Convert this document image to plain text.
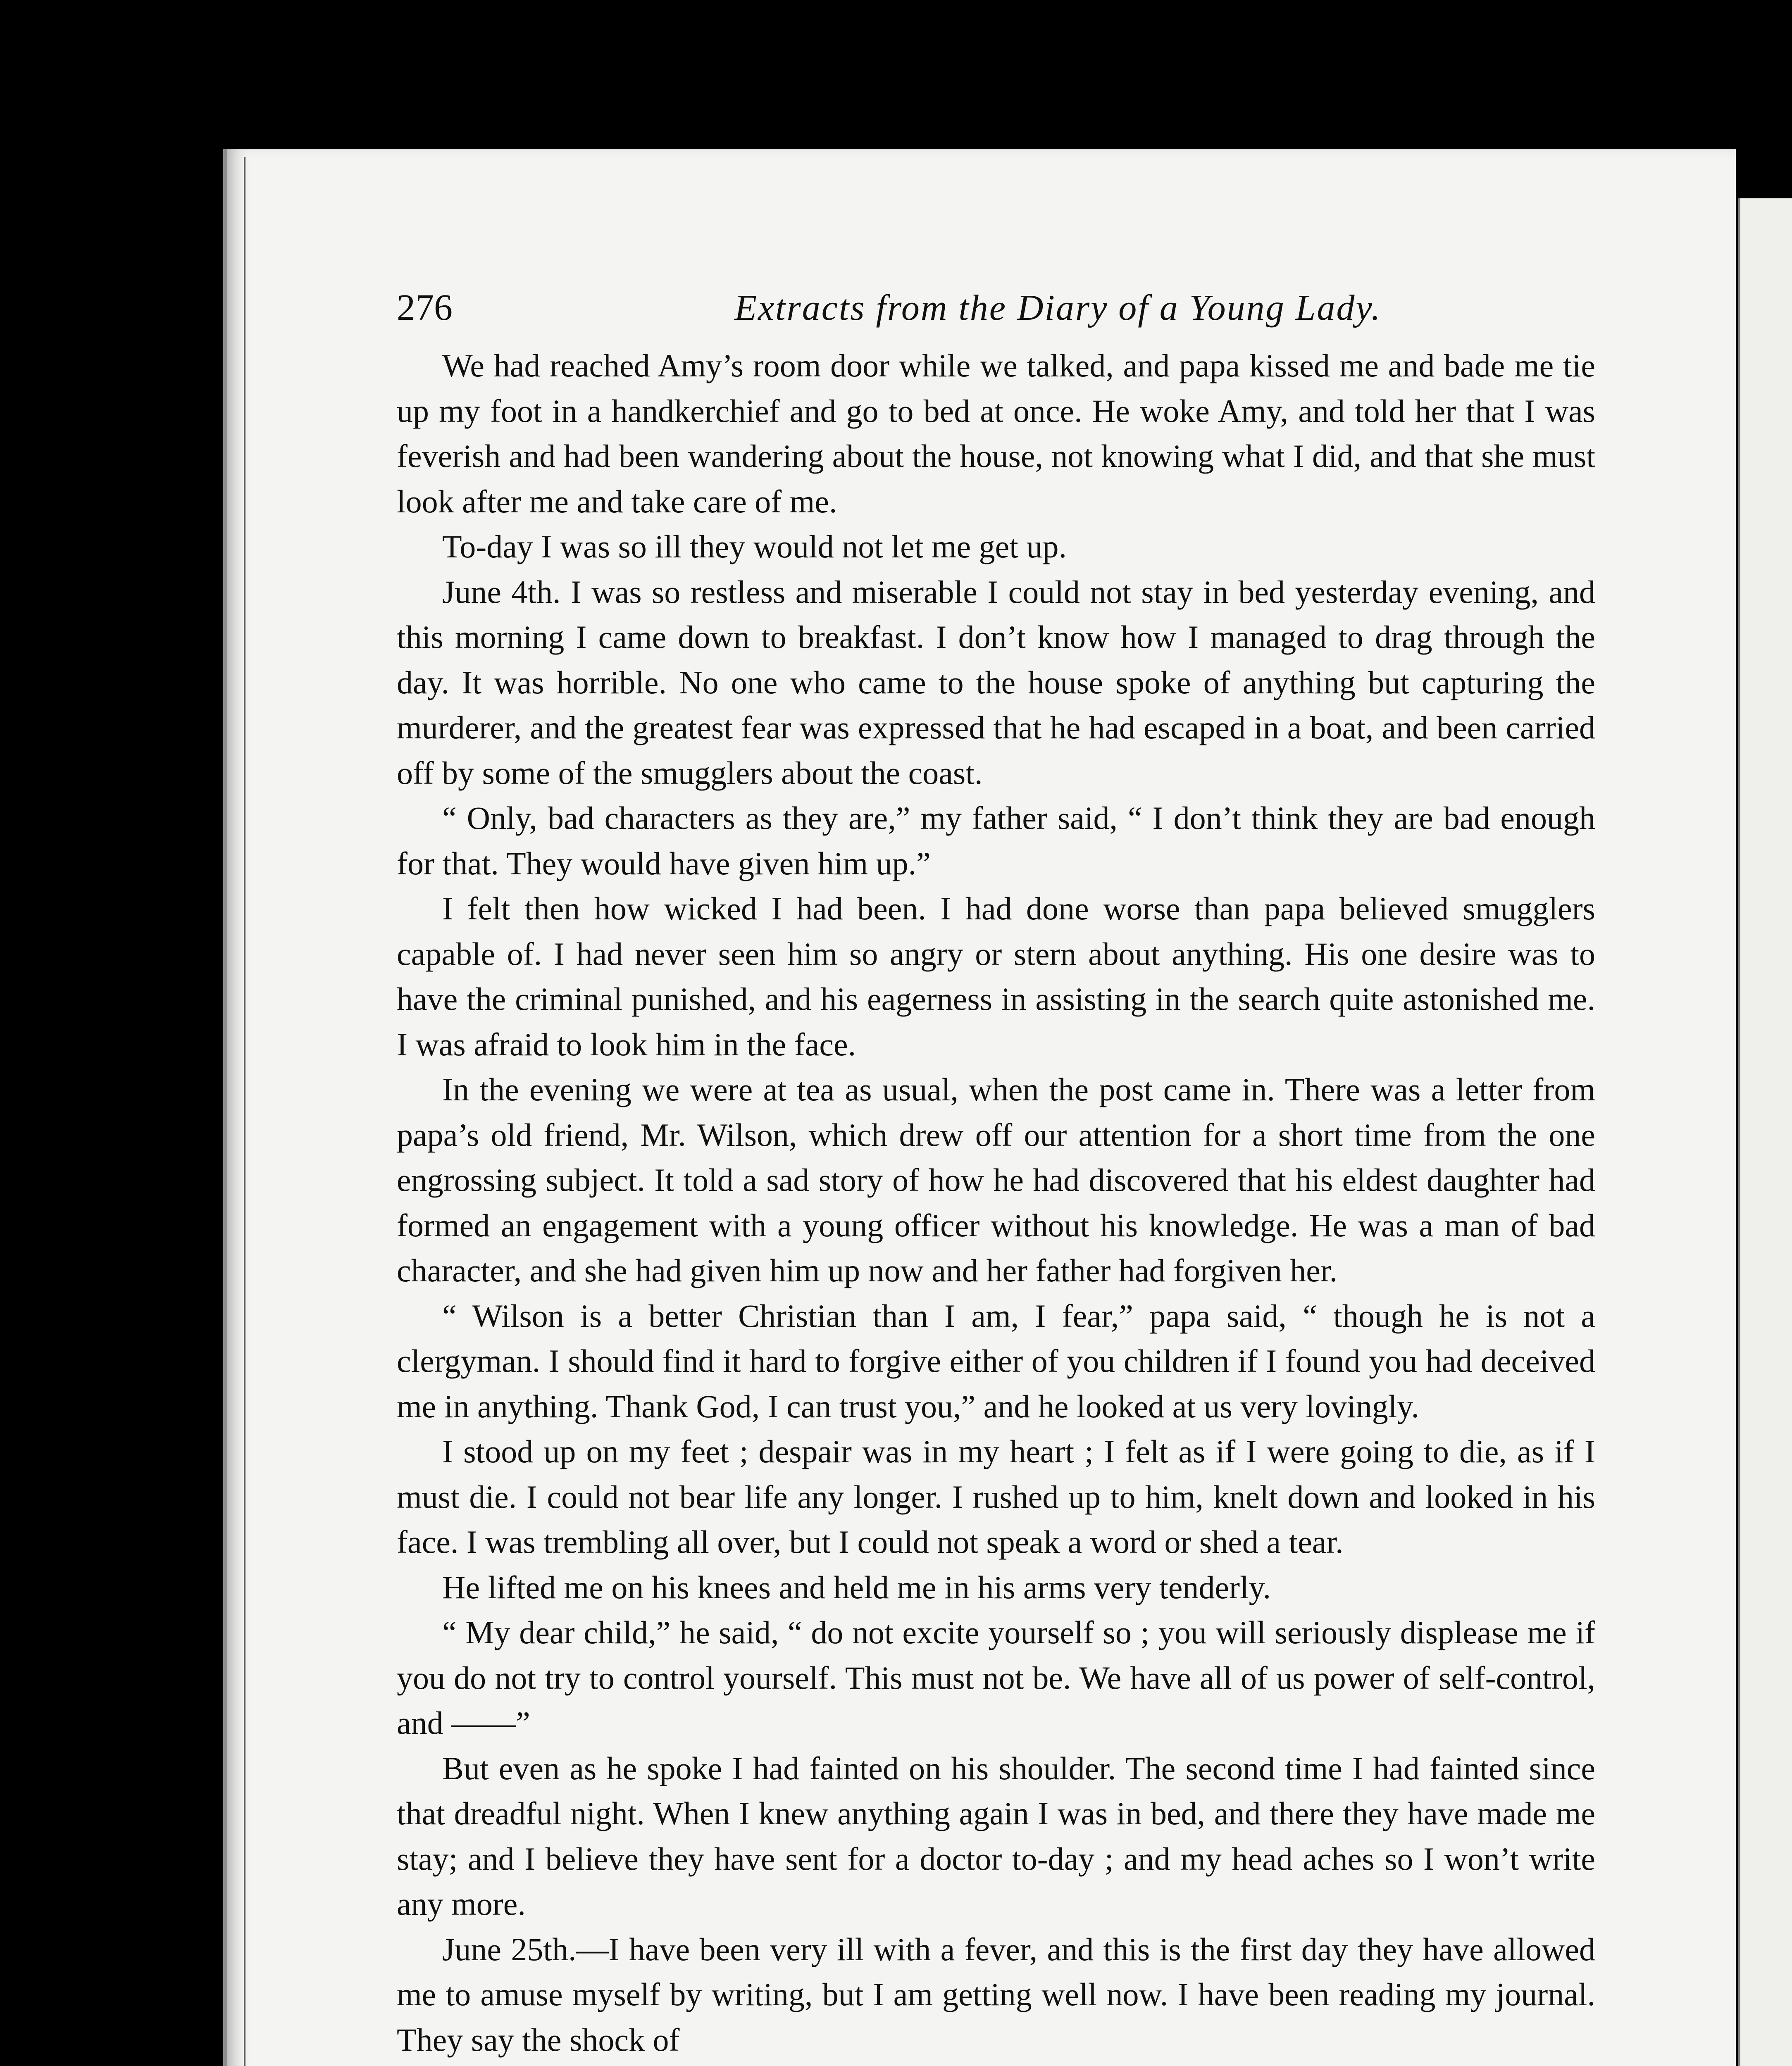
276	Extracts from the Diary of a Young Lady.

We had reached Amy’s room door while we talked, and papa kissed me and bade me tie up my foot in a handkerchief and go to bed at once. He woke Amy, and told her that I was feverish and had been wandering about the house, not knowing what I did, and that she must look after me and take care of me.

To-day I was so ill they would not let me get up.

June 4th. I was so restless and miserable I could not stay in bed yesterday evening, and this morning I came down to breakfast. I don’t know how I managed to drag through the day. It was horrible. No one who came to the house spoke of anything but capturing the murderer, and the greatest fear was expressed that he had escaped in a boat, and been carried off by some of the smugglers about the coast.

“ Only, bad characters as they are,” my father said, “ I don’t think they are bad enough for that. They would have given him up.”

I felt then how wicked I had been. I had done worse than papa believed smugglers capable of. I had never seen him so angry or stern about anything. His one desire was to have the criminal punished, and his eagerness in assisting in the search quite astonished me. I was afraid to look him in the face.

In the evening we were at tea as usual, when the post came in. There was a letter from papa’s old friend, Mr. Wilson, which drew off our attention for a short time from the one engrossing subject. It told a sad story of how he had discovered that his eldest daughter had formed an engagement with a young officer without his knowledge. He was a man of bad character, and she had given him up now and her father had forgiven her.

“ Wilson is a better Christian than I am, I fear,” papa said, “ though he is not a clergyman. I should find it hard to forgive either of you children if I found you had deceived me in anything. Thank God, I can trust you,” and he looked at us very lovingly.

I stood up on my feet ; despair was in my heart ; I felt as if I were going to die, as if I must die. I could not bear life any longer. I rushed up to him, knelt down and looked in his face. I was trembling all over, but I could not speak a word or shed a tear.

He lifted me on his knees and held me in his arms very tenderly.

“ My dear child,” he said, “ do not excite yourself so ; you will seriously displease me if you do not try to control yourself. This must not be. We have all of us power of self-control, and ——”

But even as he spoke I had fainted on his shoulder. The second time I had fainted since that dreadful night. When I knew anything again I was in bed, and there they have made me stay; and I believe they have sent for a doctor to-day ; and my head aches so I won’t write any more.

June 25th.—I have been very ill with a fever, and this is the first day they have allowed me to amuse myself by writing, but I am getting well now. I have been reading my journal. They say the shock of
